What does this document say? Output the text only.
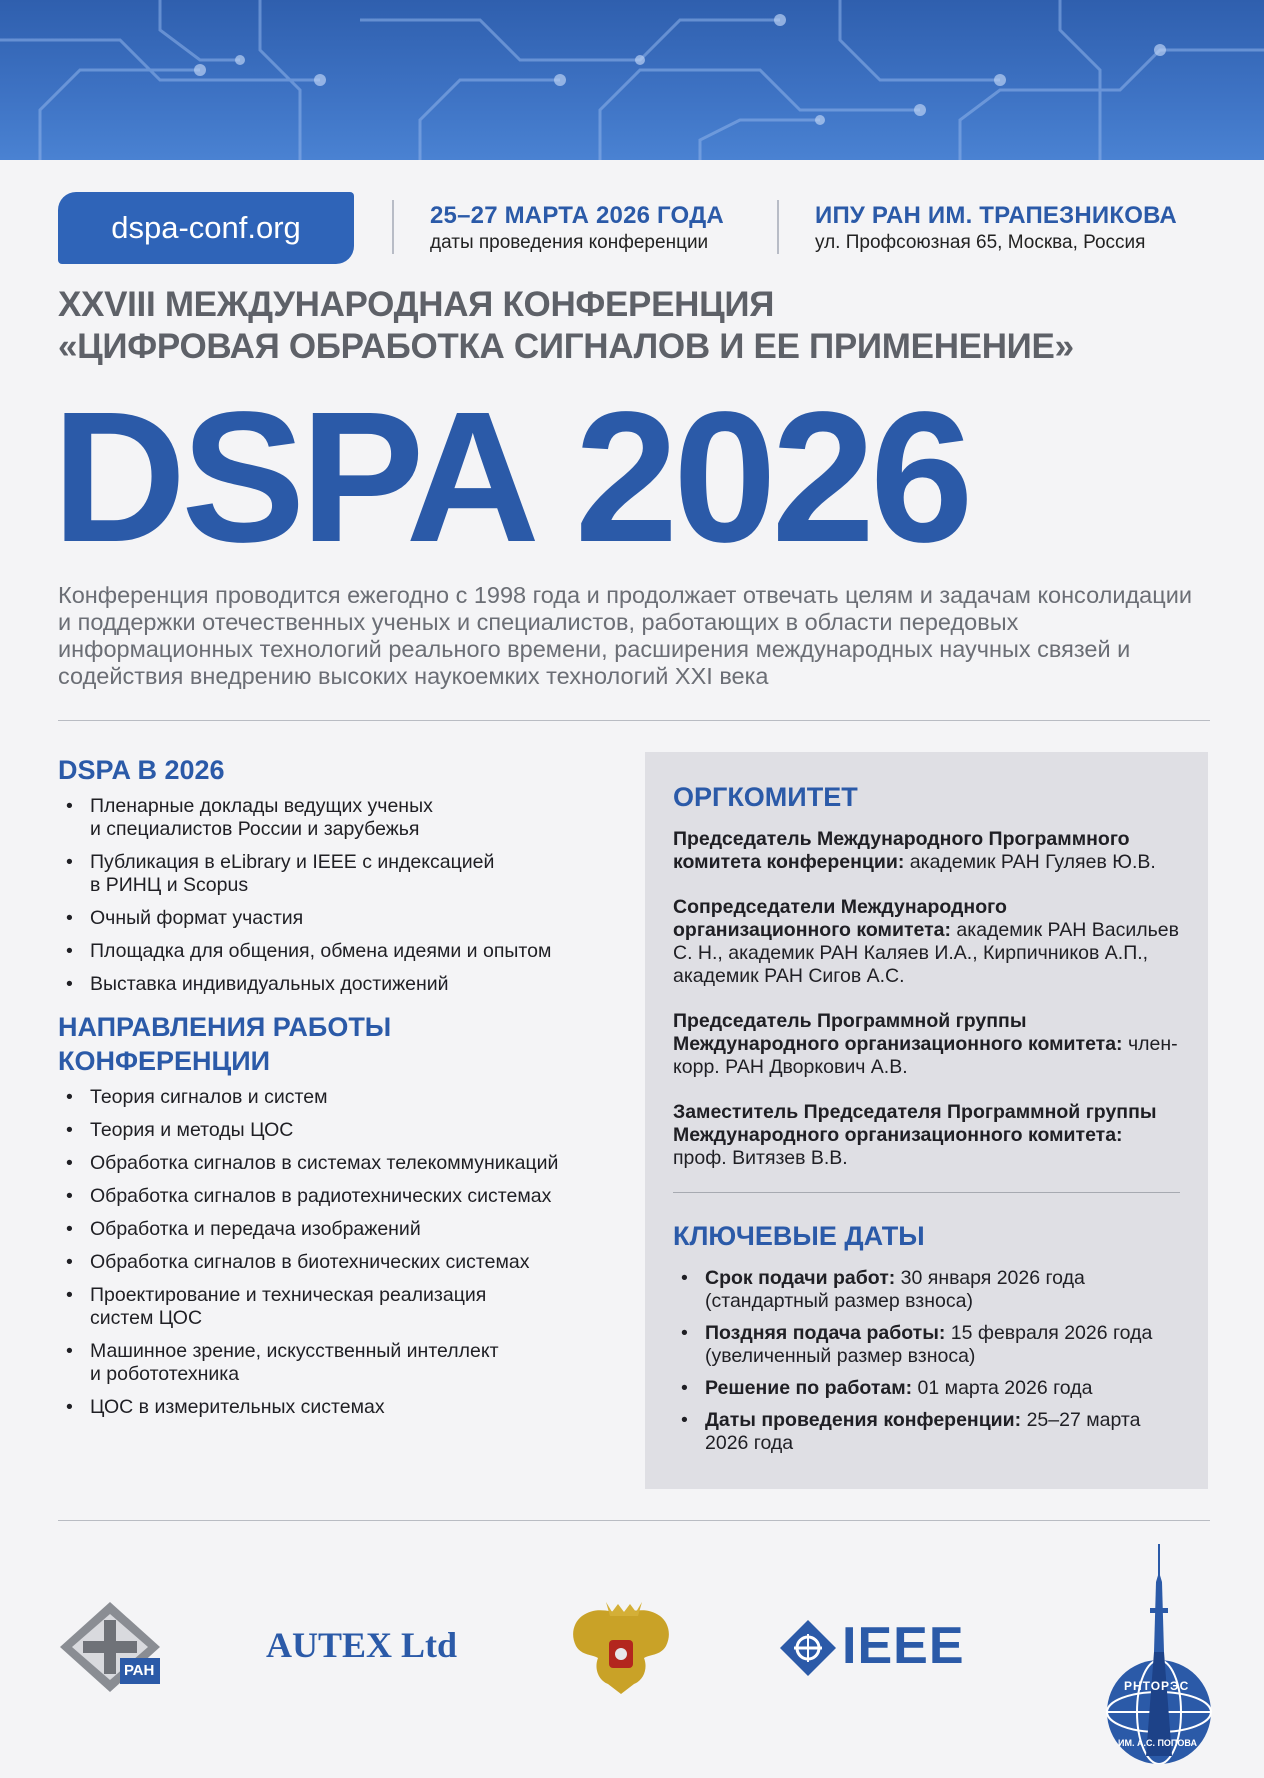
dspa-conf.org	25–27 МАРТА 2026 ГОДА
даты проведения конференции
ИПУ РАН ИМ. ТРАПЕЗНИКОВА
ул. Профсоюзная 65, Москва, Россия
XXVIII МЕЖДУНАРОДНАЯ КОНФЕРЕНЦИЯ
«ЦИФРОВАЯ ОБРАБОТКА СИГНАЛОВ И ЕЕ ПРИМЕНЕНИЕ»
DSPA 2026
Конференция проводится ежегодно с 1998 года и продолжает отвечать целям и задачам консолидации и поддержки отечественных ученых и специалистов, работающих в области передовых информационных технологий реального времени, расширения международных научных связей и содействия внедрению высоких наукоемких технологий XXI века
DSPA В 2026
• Пленарные доклады ведущих ученых
и специалистов России и зарубежья
• Публикация в eLibrary и IEEE с индексацией
в РИНЦ и Scopus
• Очный формат участия
• Площадка для общения, обмена идеями и опытом
• Выставка индивидуальных достижений
НАПРАВЛЕНИЯ РАБОТЫ
КОНФЕРЕНЦИИ
• Теория сигналов и систем
• Теория и методы ЦОС
• Обработка сигналов в системах телекоммуникаций
• Обработка сигналов в радиотехнических системах
• Обработка и передача изображений
• Обработка сигналов в биотехнических системах
• Проектирование и техническая реализация
систем ЦОС
• Машинное зрение, искусственный интеллект
и робототехника
• ЦОС в измерительных системах
ОРГКОМИТЕТ
Председатель Международного Программного комитета конференции: академик РАН Гуляев Ю.В.
Сопредседатели Международного организационного комитета: академик РАН Васильев С. Н., академик РАН Каляев И.А., Кирпичников А.П., академик РАН Сигов А.С.
Председатель Программной группы Международного организационного комитета: член-корр. РАН Дворкович А.В.
Заместитель Председателя Программной группы Международного организационного комитета: проф. Витязев В.В.
КЛЮЧЕВЫЕ ДАТЫ
• Срок подачи работ: 30 января 2026 года (стандартный размер взноса)
• Поздняя подача работы: 15 февраля 2026 года (увеличенный размер взноса)
• Решение по работам: 01 марта 2026 года
• Даты проведения конференции: 25–27 марта 2026 года
РАН
AUTEX Ltd	IEEE
РНТОРЭС
ИМ. А.С. ПОПОВА
